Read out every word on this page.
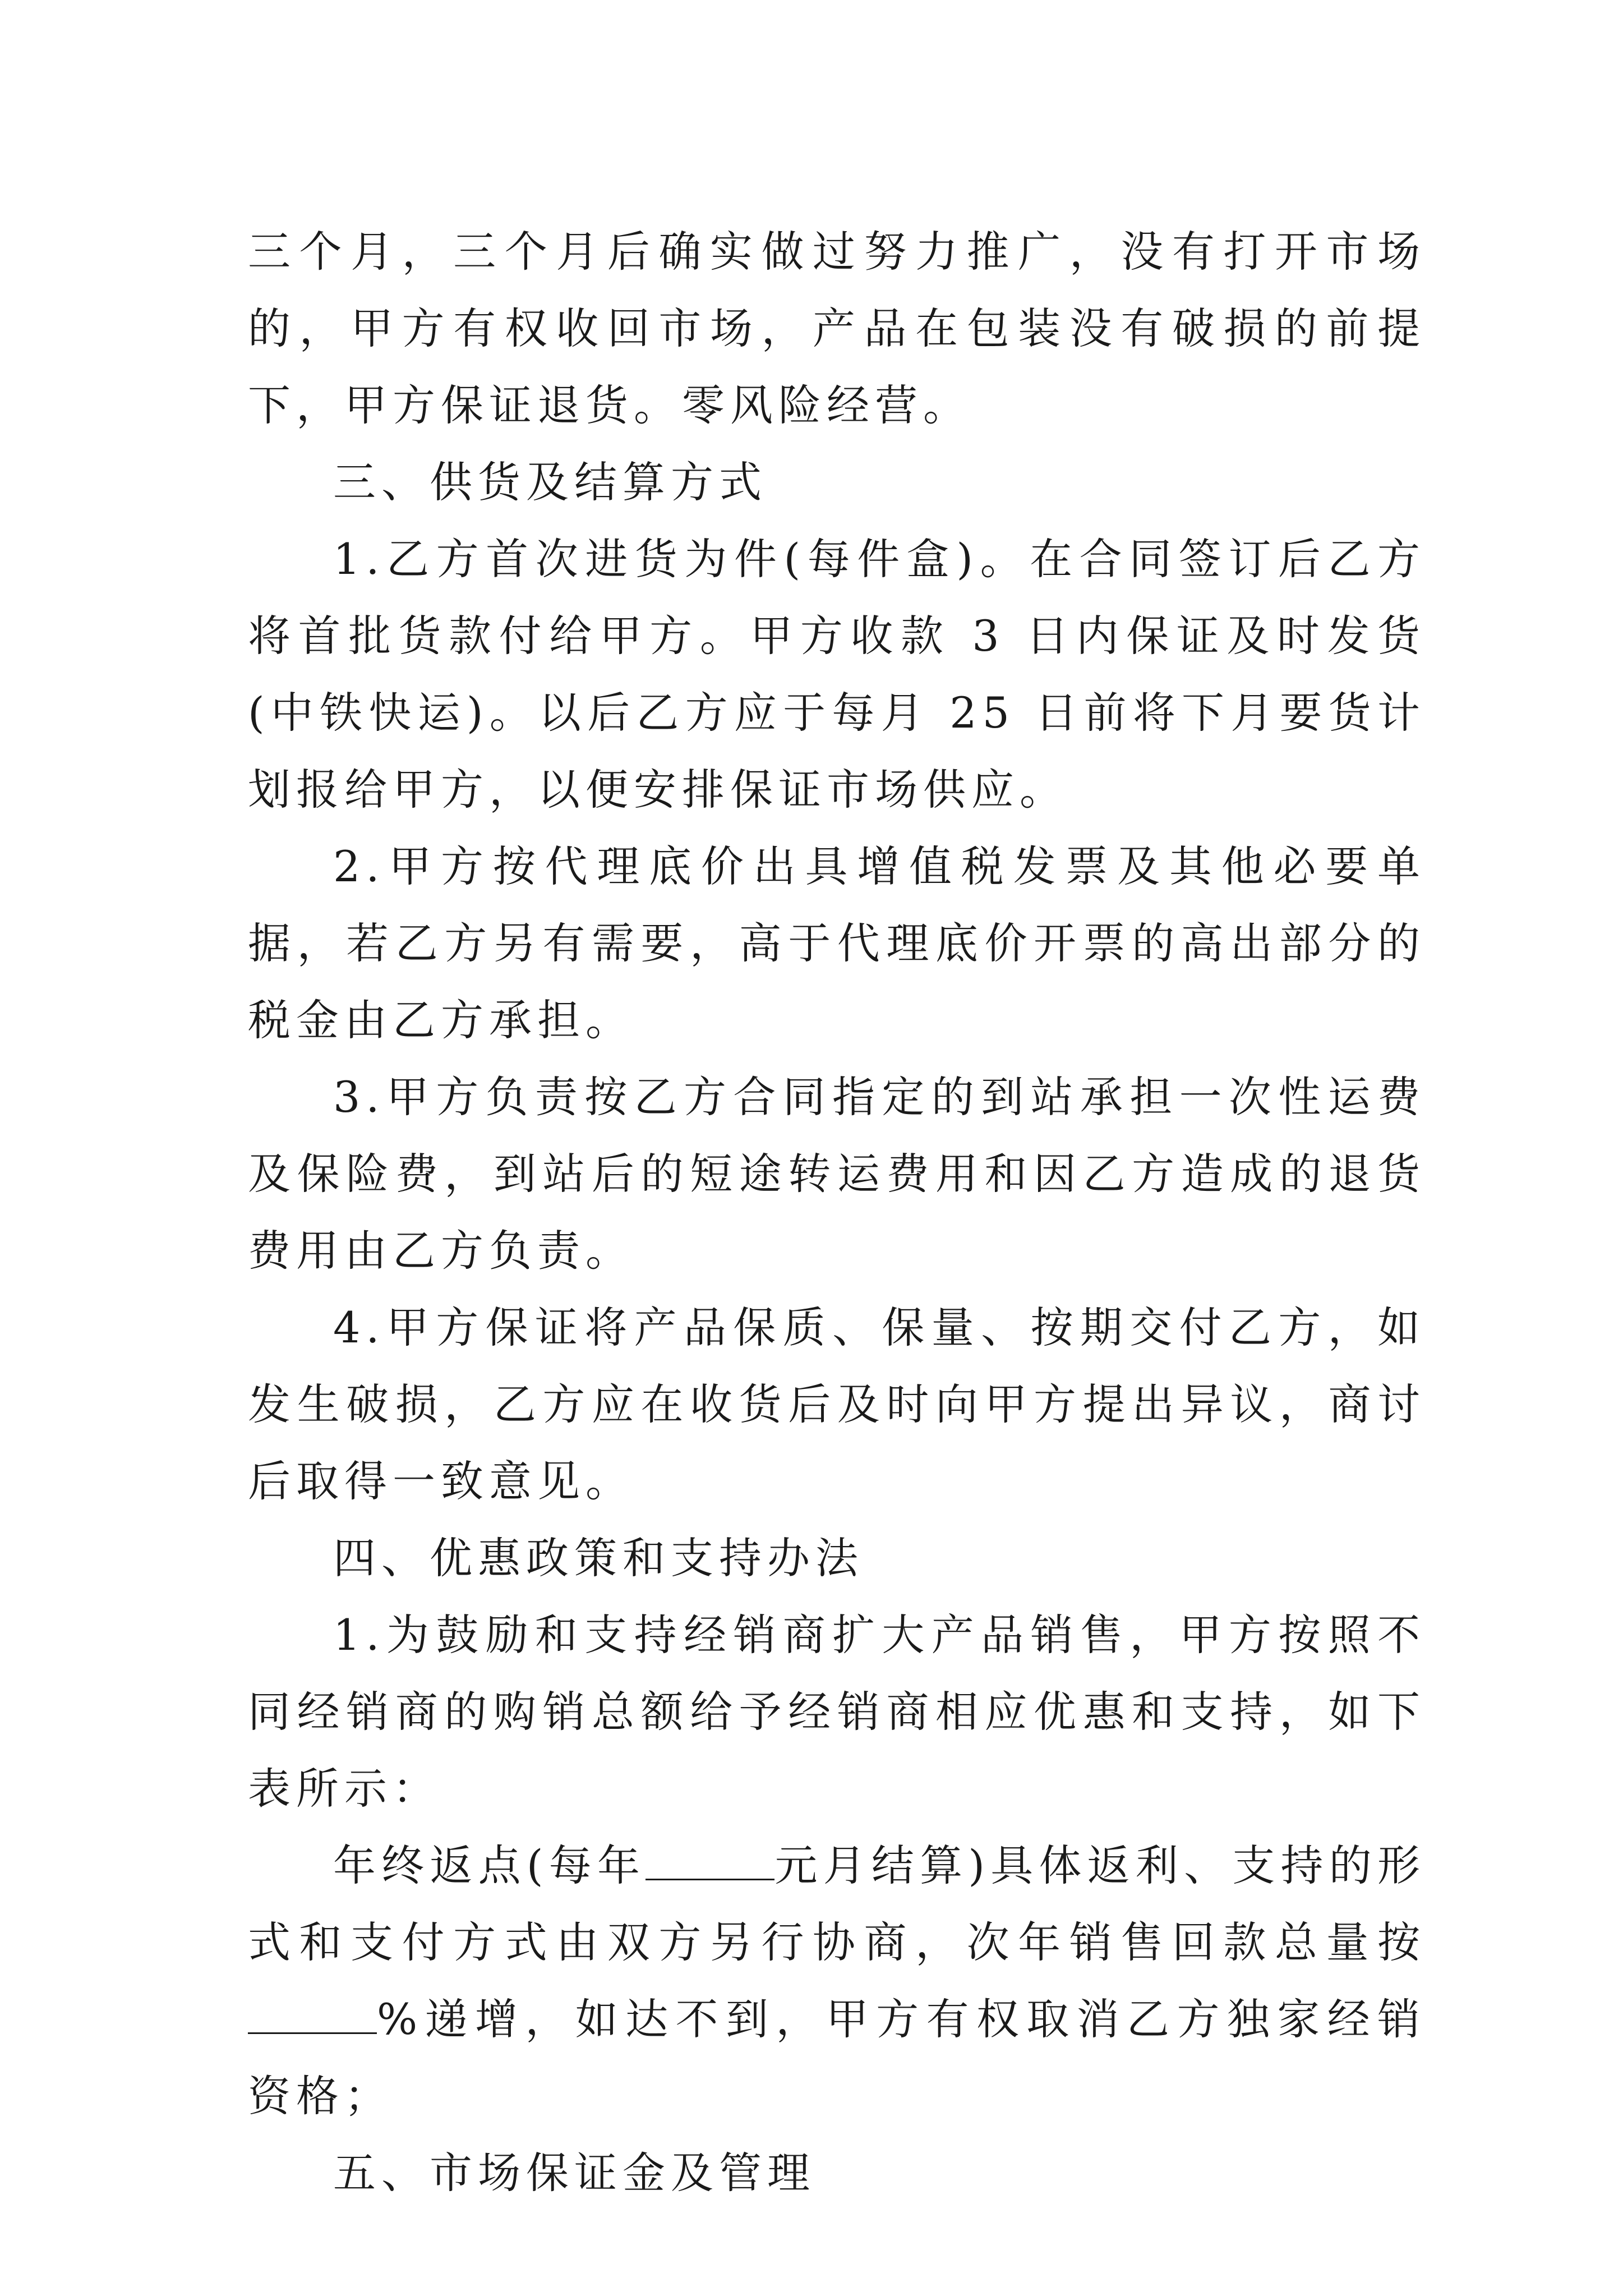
三个月，三个月后确实做过努力推广，没有打开市场的，甲方有权收回市场，产品在包装没有破损的前提下，甲方保证退货。零风险经营。

三、供货及结算方式

1.乙方首次进货为件(每件盒)。在合同签订后乙方将首批货款付给甲方。甲方收款 3 日内保证及时发货(中铁快运)。以后乙方应于每月 25 日前将下月要货计划报给甲方，以便安排保证市场供应。

2.甲方按代理底价出具增值税发票及其他必要单据，若乙方另有需要，高于代理底价开票的高出部分的税金由乙方承担。

3.甲方负责按乙方合同指定的到站承担一次性运费及保险费，到站后的短途转运费用和因乙方造成的退货费用由乙方负责。

4.甲方保证将产品保质、保量、按期交付乙方，如发生破损，乙方应在收货后及时向甲方提出异议，商讨后取得一致意见。

四、优惠政策和支持办法

1.为鼓励和支持经销商扩大产品销售，甲方按照不同经销商的购销总额给予经销商相应优惠和支持，如下表所示：

年终返点(每年	元月结算)具体返利、支持的形式和支付方式由双方另行协商，次年销售回款总量按%递增，如达不到，甲方有权取消乙方独家经销资格；

五、市场保证金及管理
